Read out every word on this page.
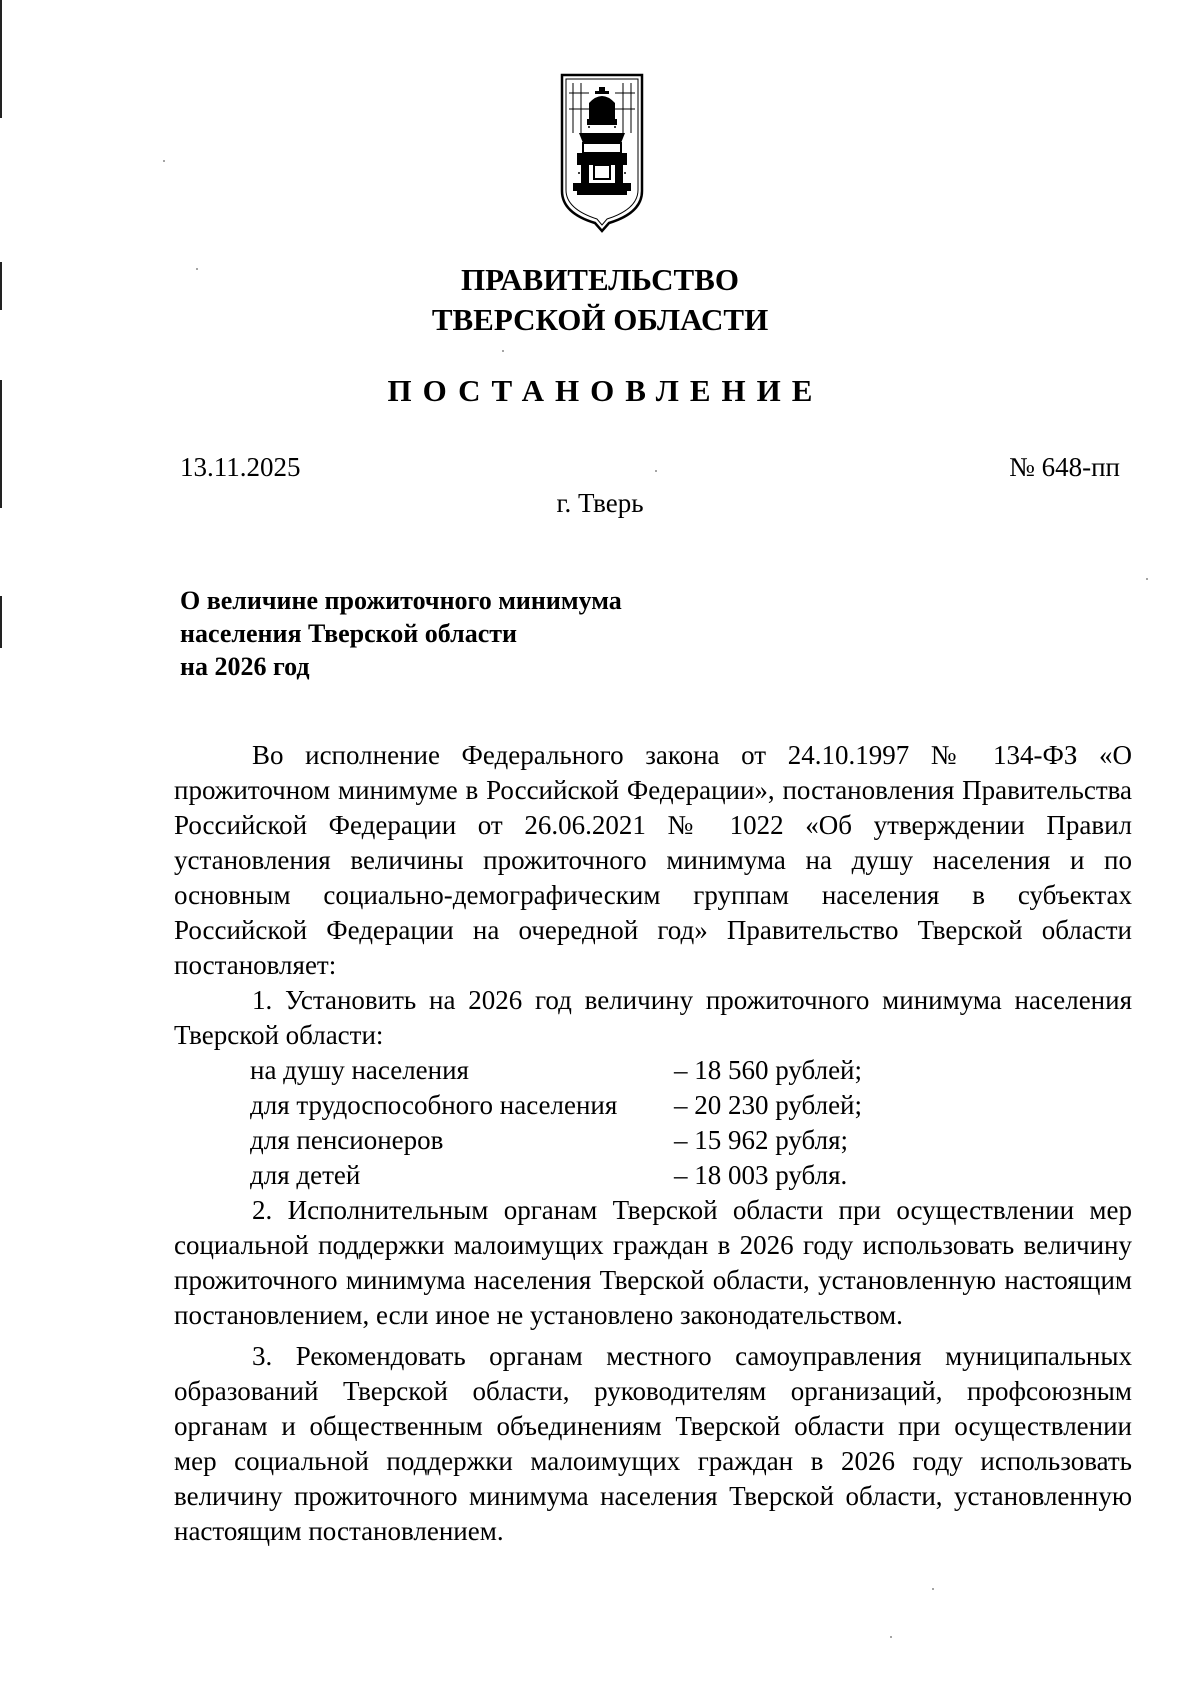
ПРАВИТЕЛЬСТВО
ТВЕРСКОЙ ОБЛАСТИ
ПОСТАНОВЛЕНИЕ
13.11.2025	№ 648-пп
г. Тверь
О величине прожиточного минимума
населения Тверской области
на 2026 год

Во исполнение Федерального закона от 24.10.1997 № 134-ФЗ «О прожиточном минимуме в Российской Федерации», постановления Правительства Российской Федерации от 26.06.2021 № 1022 «Об утверждении Правил установления величины прожиточного минимума на душу населения и по основным социально-демографическим группам населения в субъектах Российской Федерации на очередной год» Правительство Тверской области постановляет:

1. Установить на 2026 год величину прожиточного минимума населения Тверской области:

на душу населения	– 18 560 рублей;
для трудоспособного населения	– 20 230 рублей;
для пенсионеров	– 15 962 рубля;
для детей	– 18 003 рубля.

2. Исполнительным органам Тверской области при осуществлении мер социальной поддержки малоимущих граждан в 2026 году использовать величину прожиточного минимума населения Тверской области, установленную настоящим постановлением, если иное не установлено законодательством.

3. Рекомендовать органам местного самоуправления муниципальных образований Тверской области, руководителям организаций, профсоюзным органам и общественным объединениям Тверской области при осуществлении мер социальной поддержки малоимущих граждан в 2026 году использовать величину прожиточного минимума населения Тверской области, установленную настоящим постановлением.
